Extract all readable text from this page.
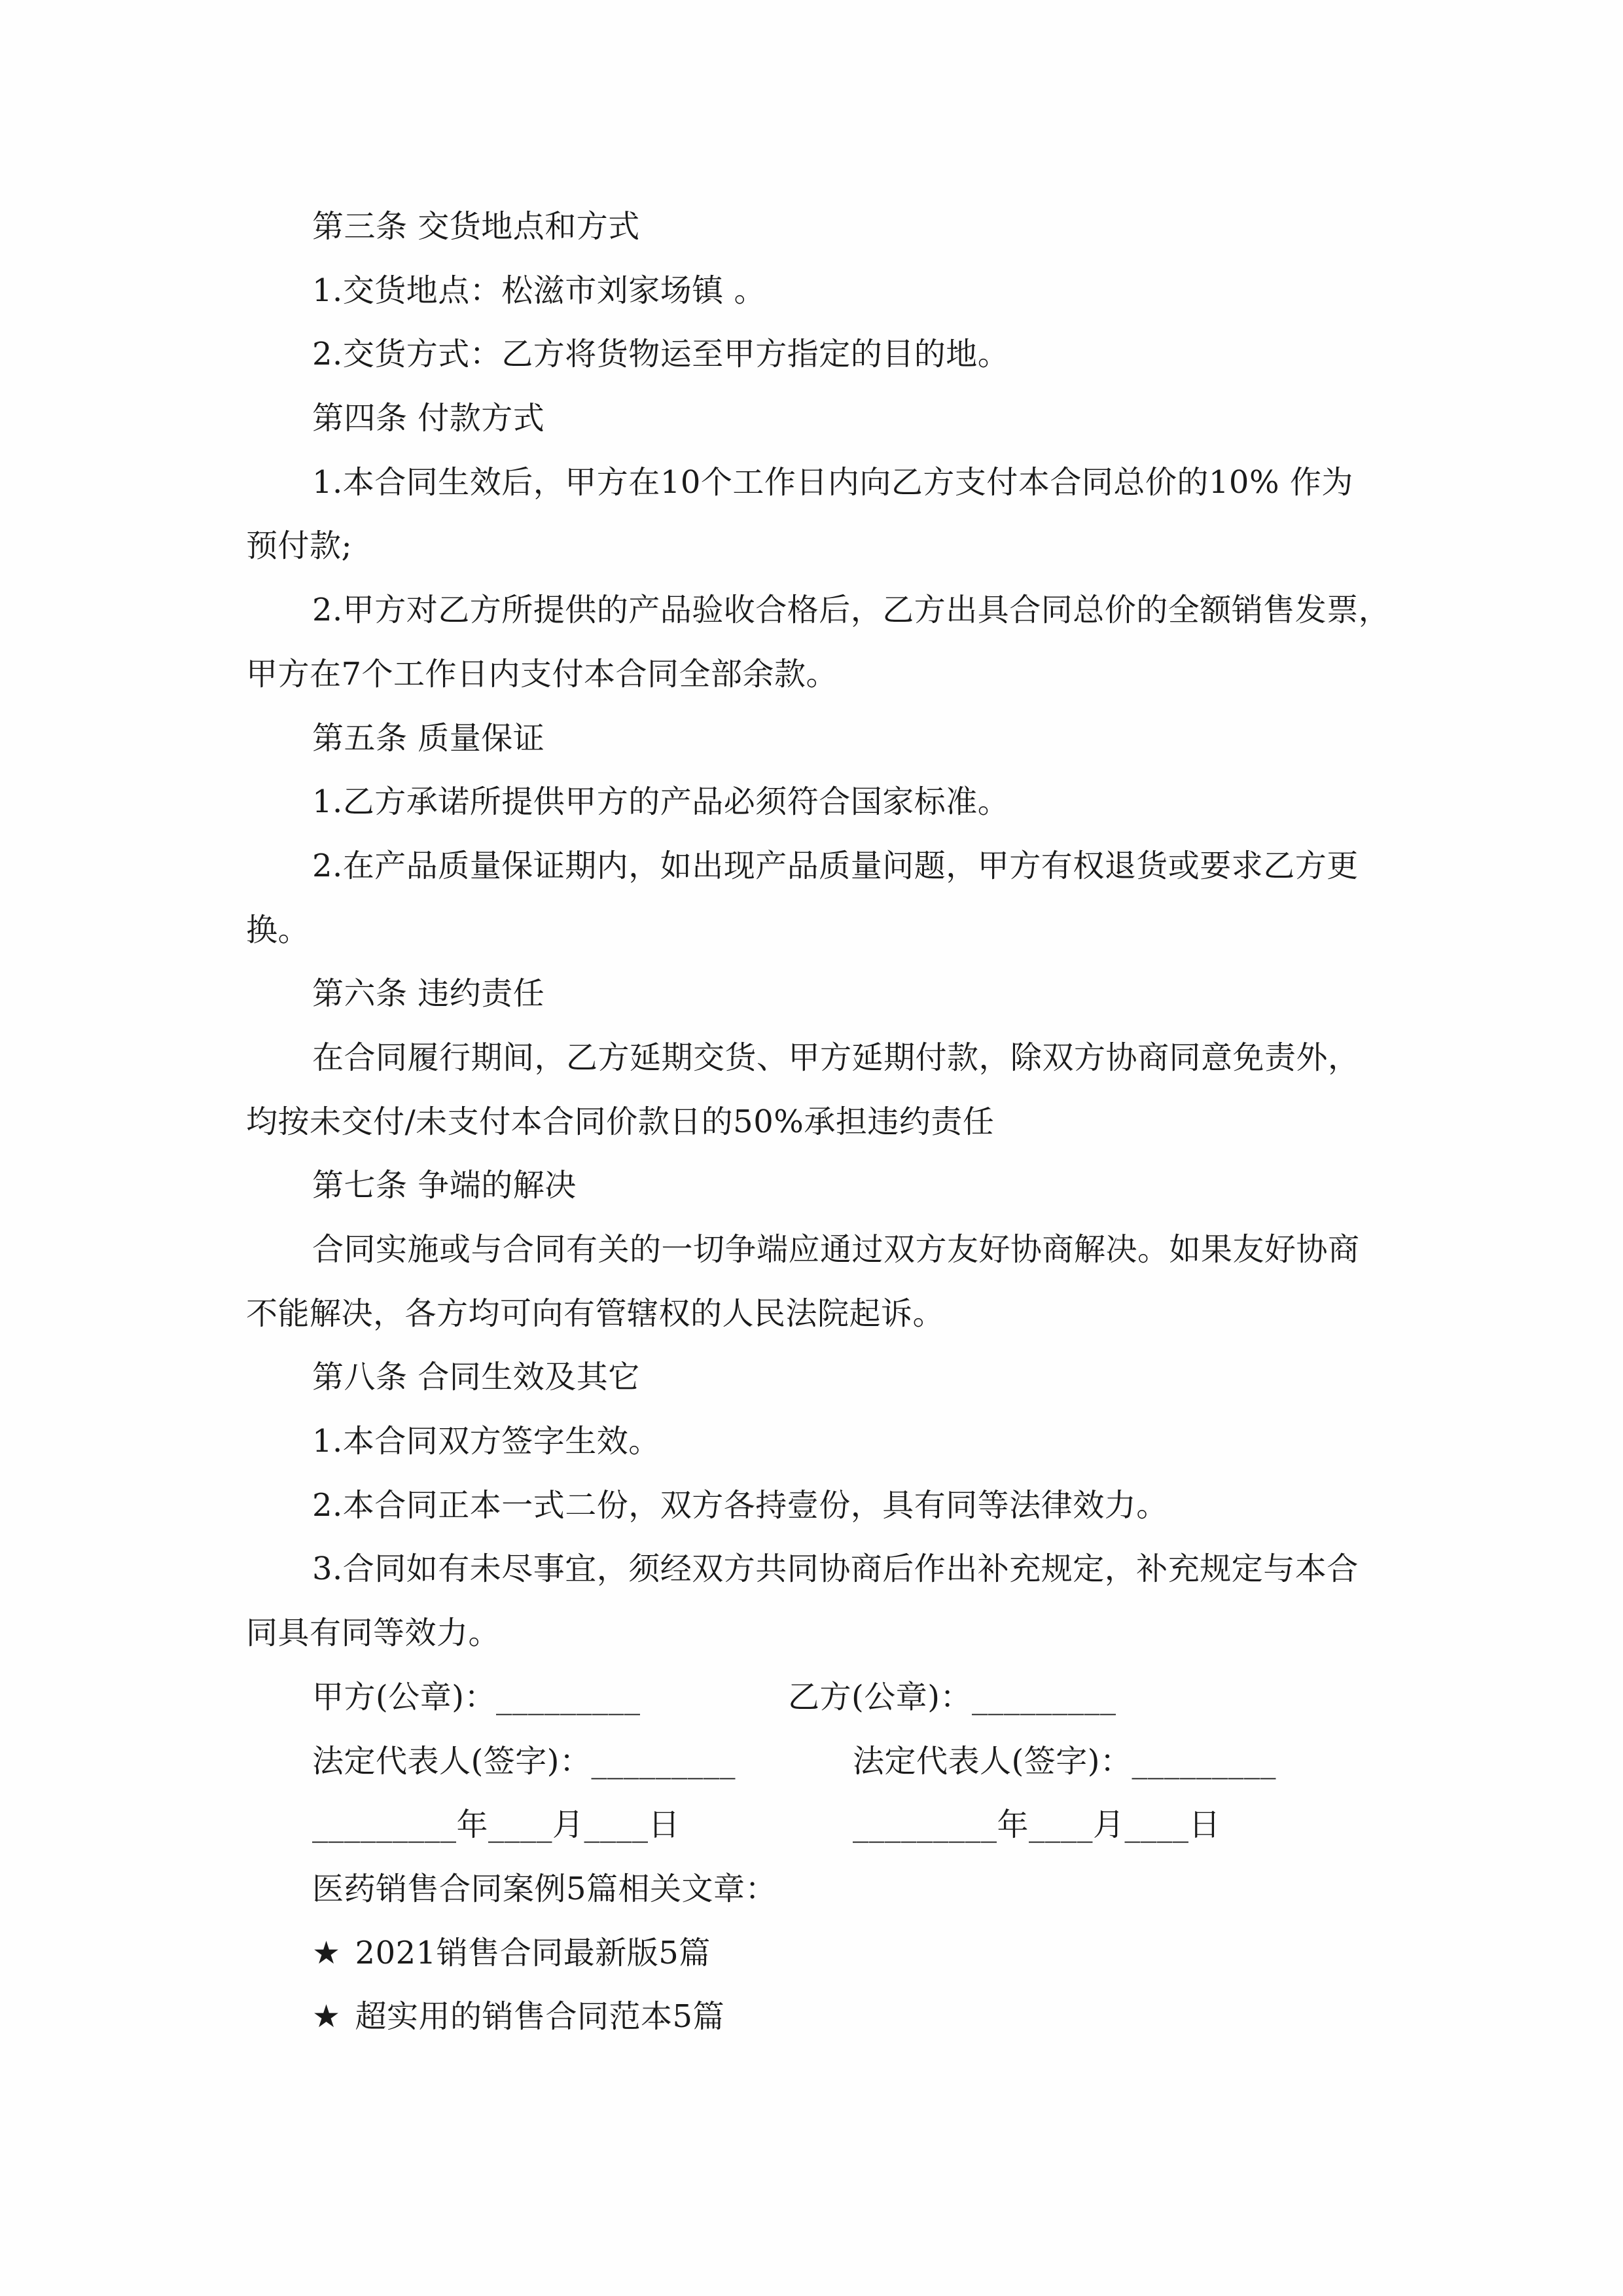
第三条 交货地点和方式
1.交货地点：松滋市刘家场镇 。
2.交货方式：乙方将货物运至甲方指定的目的地。
第四条 付款方式
1.本合同生效后，甲方在10个工作日内向乙方支付本合同总价的10% 作为
预付款;
2.甲方对乙方所提供的产品验收合格后，乙方出具合同总价的全额销售发票，
甲方在7个工作日内支付本合同全部余款。
第五条 质量保证
1.乙方承诺所提供甲方的产品必须符合国家标准。
2.在产品质量保证期内，如出现产品质量问题，甲方有权退货或要求乙方更
换。
第六条 违约责任
在合同履行期间，乙方延期交货、甲方延期付款，除双方协商同意免责外，
均按未交付/未支付本合同价款日的50%承担违约责任
第七条 争端的解决
合同实施或与合同有关的一切争端应通过双方友好协商解决。如果友好协商
不能解决，各方均可向有管辖权的人民法院起诉。
第八条 合同生效及其它
1.本合同双方签字生效。
2.本合同正本一式二份，双方各持壹份，具有同等法律效力。
3.合同如有未尽事宜，须经双方共同协商后作出补充规定，补充规定与本合
同具有同等效力。
甲方(公章)：_________	乙方(公章)：_________
法定代表人(签字)：_________	法定代表人(签字)：_________
_________年____月____日	_________年____月____日
医药销售合同案例5篇相关文章：
★ 2021销售合同最新版5篇
★ 超实用的销售合同范本5篇
